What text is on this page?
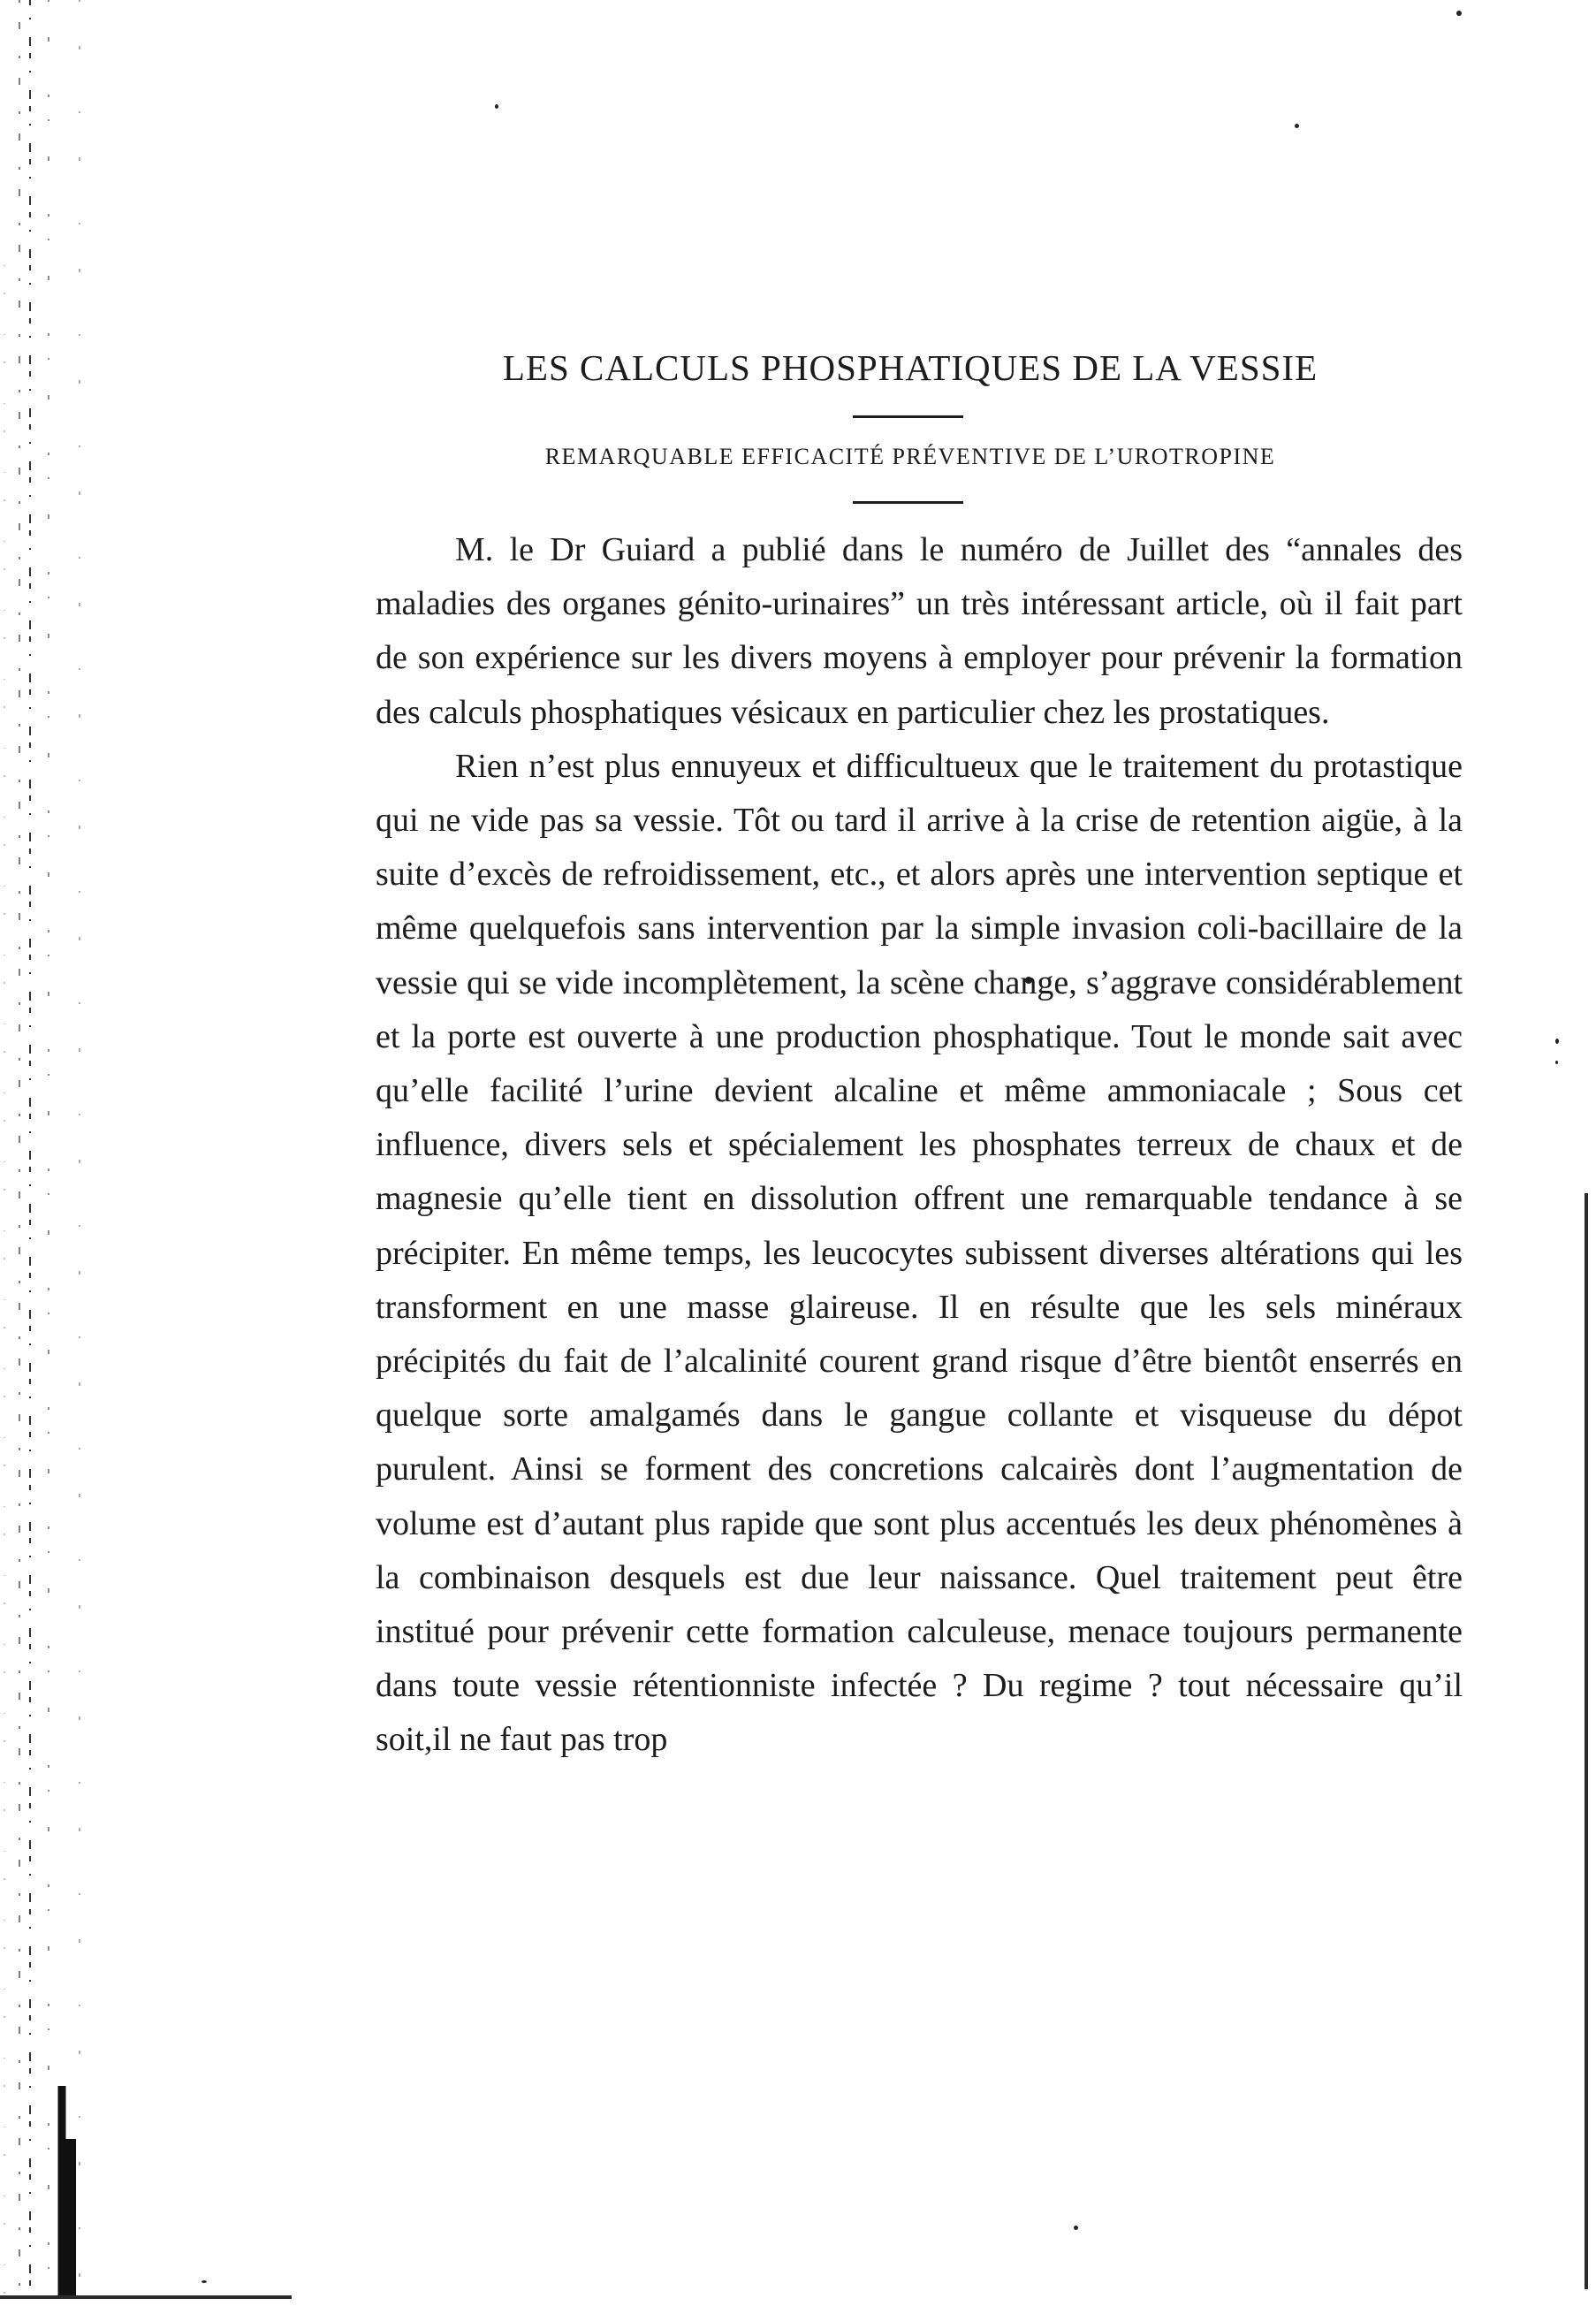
LES CALCULS PHOSPHATIQUES DE LA VESSIE
REMARQUABLE EFFICACITÉ PRÉVENTIVE DE L’UROTROPINE

M. le Dr Guiard a publié dans le numéro de Juillet des “annales des maladies des organes génito-urinaires” un très intéressant article, où il fait part de son expérience sur les divers moyens à employer pour prévenir la formation des calculs phosphatiques vésicaux en particulier chez les prostatiques.

Rien n’est plus ennuyeux et difficultueux que le traitement du protastique qui ne vide pas sa vessie. Tôt ou tard il arrive à la crise de retention aigüe, à la suite d’excès de refroidissement, etc., et alors après une intervention septique et même quelquefois sans intervention par la simple invasion coli-bacillaire de la vessie qui se vide incomplètement, la scène change, s’aggrave considérablement et la porte est ouverte à une production phosphatique. Tout le monde sait avec qu’elle facilité l’urine devient alcaline et même ammoniacale ; Sous cet influence, divers sels et spécialement les phosphates terreux de chaux et de magnesie qu’elle tient en dissolution offrent une remarquable tendance à se précipiter. En même temps, les leucocytes subissent diverses altérations qui les transforment en une masse glaireuse. Il en résulte que les sels minéraux précipités du fait de l’alcalinité courent grand risque d’être bientôt enserrés en quelque sorte amalgamés dans le gangue collante et visqueuse du dépot purulent. Ainsi se forment des concretions calcairès dont l’augmentation de volume est d’autant plus rapide que sont plus accentués les deux phénomènes à la combinaison desquels est due leur naissance. Quel traitement peut être institué pour prévenir cette formation calculeuse, menace toujours permanente dans toute vessie rétentionniste infectée ? Du regime ? tout nécessaire qu’il soit,il ne faut pas trop
